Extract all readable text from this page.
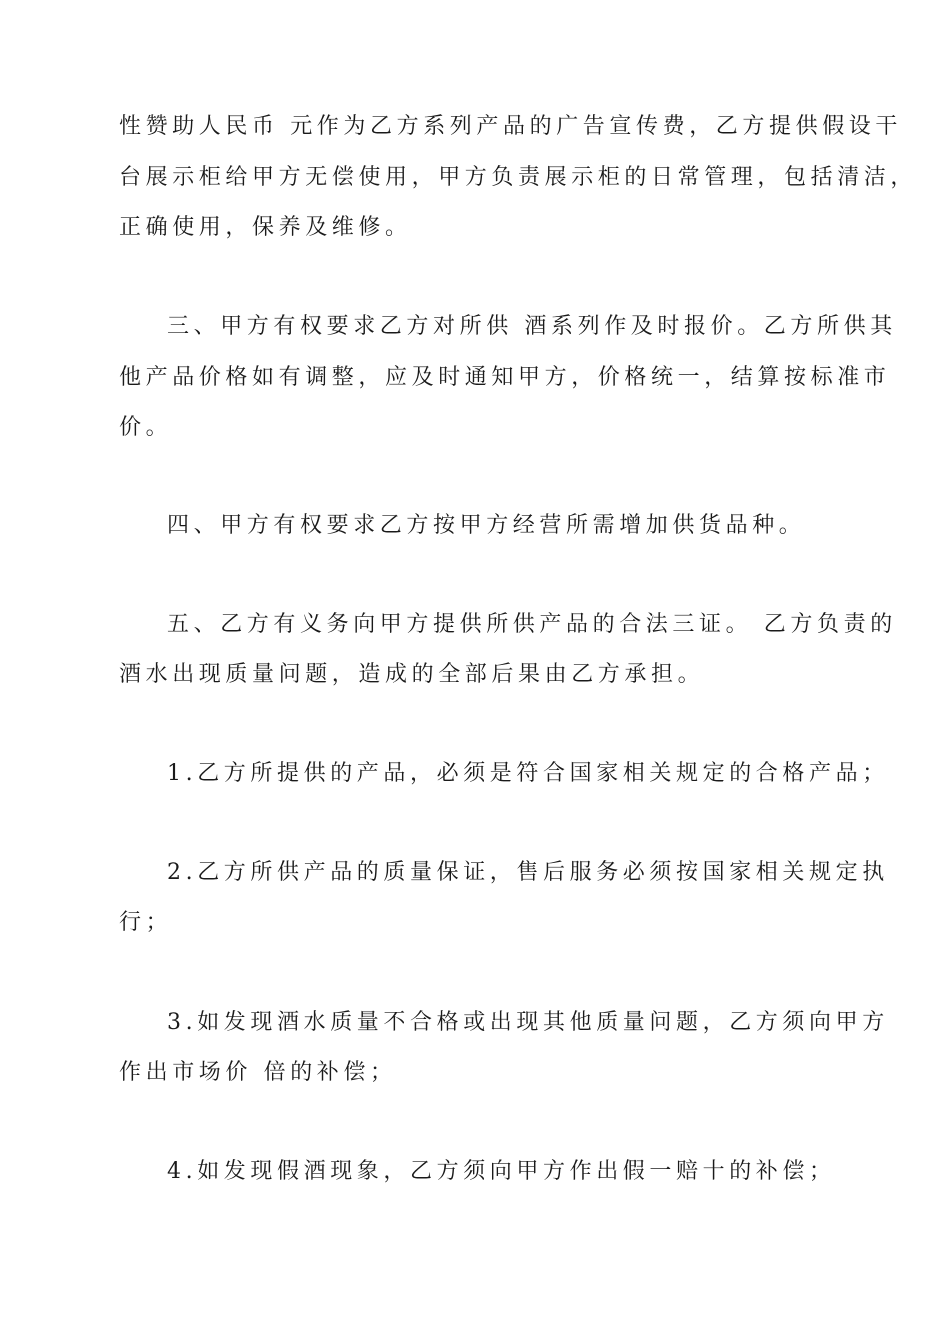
性赞助人民币 元作为乙方系列产品的广告宣传费，乙方提供假设干
台展示柜给甲方无偿使用，甲方负责展示柜的日常管理，包括清洁，
正确使用，保养及维修。
三、甲方有权要求乙方对所供 酒系列作及时报价。乙方所供其
他产品价格如有调整，应及时通知甲方，价格统一，结算按标准市
价。
四、甲方有权要求乙方按甲方经营所需增加供货品种。
五、乙方有义务向甲方提供所供产品的合法三证。 乙方负责的
酒水出现质量问题，造成的全部后果由乙方承担。
1.乙方所提供的产品，必须是符合国家相关规定的合格产品；
2.乙方所供产品的质量保证，售后服务必须按国家相关规定执
行；
3.如发现酒水质量不合格或出现其他质量问题，乙方须向甲方
作出市场价 倍的补偿；
4.如发现假酒现象，乙方须向甲方作出假一赔十的补偿；
